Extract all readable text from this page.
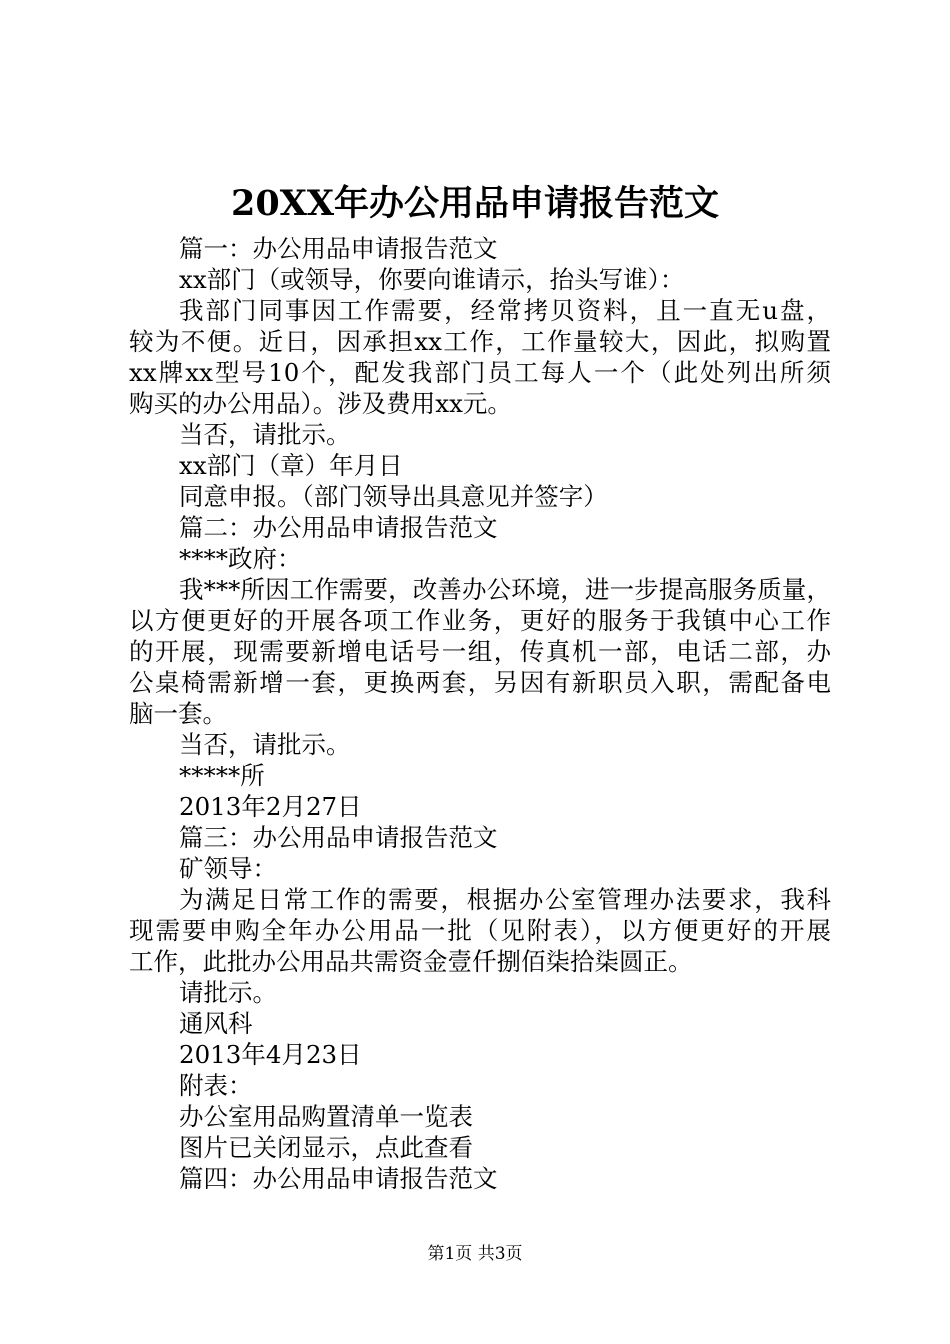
20XX年办公用品申请报告范文
篇一：办公用品申请报告范文
xx部门（或领导，你要向谁请示，抬头写谁）：
我部门同事因工作需要，经常拷贝资料，且一直无u盘，
较为不便。近日，因承担xx工作，工作量较大，因此，拟购置
xx牌xx型号10个，配发我部门员工每人一个（此处列出所须
购买的办公用品）。涉及费用xx元。
当否，请批示。
xx部门（章）年月日
同意申报。（部门领导出具意见并签字）
篇二：办公用品申请报告范文
****政府：
我***所因工作需要，改善办公环境，进一步提高服务质量，
以方便更好的开展各项工作业务，更好的服务于我镇中心工作
的开展，现需要新增电话号一组，传真机一部，电话二部，办
公桌椅需新增一套，更换两套，另因有新职员入职，需配备电
脑一套。
当否，请批示。
*****所
2013年2月27日
篇三：办公用品申请报告范文
矿领导：
为满足日常工作的需要，根据办公室管理办法要求，我科
现需要申购全年办公用品一批（见附表），以方便更好的开展
工作，此批办公用品共需资金壹仟捌佰柒拾柒圆正。
请批示。
通风科
2013年4月23日
附表：
办公室用品购置清单一览表
图片已关闭显示，点此查看
篇四：办公用品申请报告范文
第1页 共3页
